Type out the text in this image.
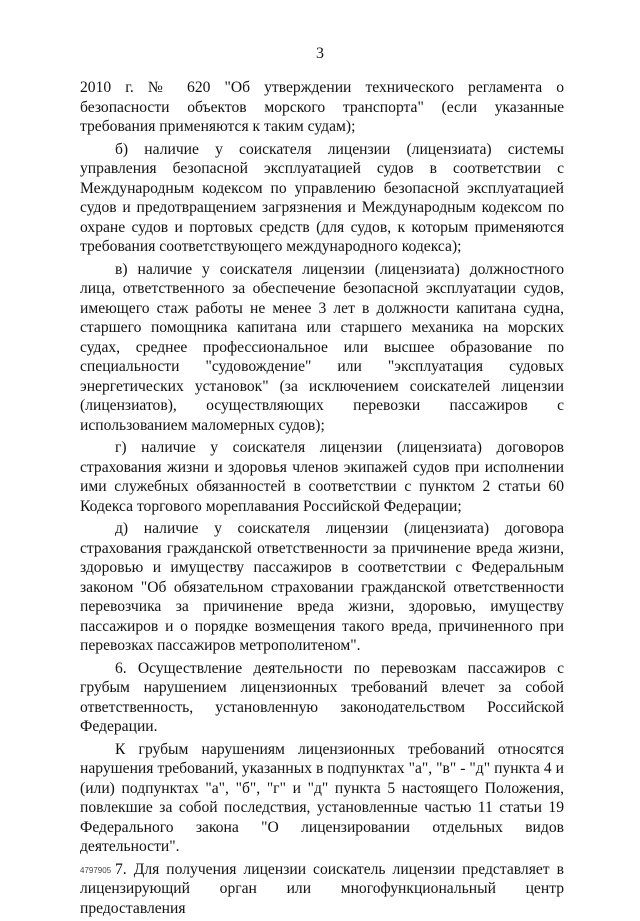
3

2010 г. № 620 "Об утверждении технического регламента о безопасности объектов морского транспорта" (если указанные требования применяются к таким судам);

б) наличие у соискателя лицензии (лицензиата) системы управления безопасной эксплуатацией судов в соответствии с Международным кодексом по управлению безопасной эксплуатацией судов и предотвращением загрязнения и Международным кодексом по охране судов и портовых средств (для судов, к которым применяются требования соответствующего международного кодекса);

в) наличие у соискателя лицензии (лицензиата) должностного лица, ответственного за обеспечение безопасной эксплуатации судов, имеющего стаж работы не менее 3 лет в должности капитана судна, старшего помощника капитана или старшего механика на морских судах, среднее профессиональное или высшее образование по специальности "судовождение" или "эксплуатация судовых энергетических установок" (за исключением соискателей лицензии (лицензиатов), осуществляющих перевозки пассажиров с использованием маломерных судов);

г) наличие у соискателя лицензии (лицензиата) договоров страхования жизни и здоровья членов экипажей судов при исполнении ими служебных обязанностей в соответствии с пунктом 2 статьи 60 Кодекса торгового мореплавания Российской Федерации;

д) наличие у соискателя лицензии (лицензиата) договора страхования гражданской ответственности за причинение вреда жизни, здоровью и имуществу пассажиров в соответствии с Федеральным законом "Об обязательном страховании гражданской ответственности перевозчика за причинение вреда жизни, здоровью, имуществу пассажиров и о порядке возмещения такого вреда, причиненного при перевозках пассажиров метрополитеном".

6. Осуществление деятельности по перевозкам пассажиров с грубым нарушением лицензионных требований влечет за собой ответственность, установленную законодательством Российской Федерации.

К грубым нарушениям лицензионных требований относятся нарушения требований, указанных в подпунктах "а", "в" - "д" пункта 4 и (или) подпунктах "а", "б", "г" и "д" пункта 5 настоящего Положения, повлекшие за собой последствия, установленные частью 11 статьи 19 Федерального закона "О лицензировании отдельных видов деятельности".

7. Для получения лицензии соискатель лицензии представляет в лицензирующий орган или многофункциональный центр предоставления

4797905
